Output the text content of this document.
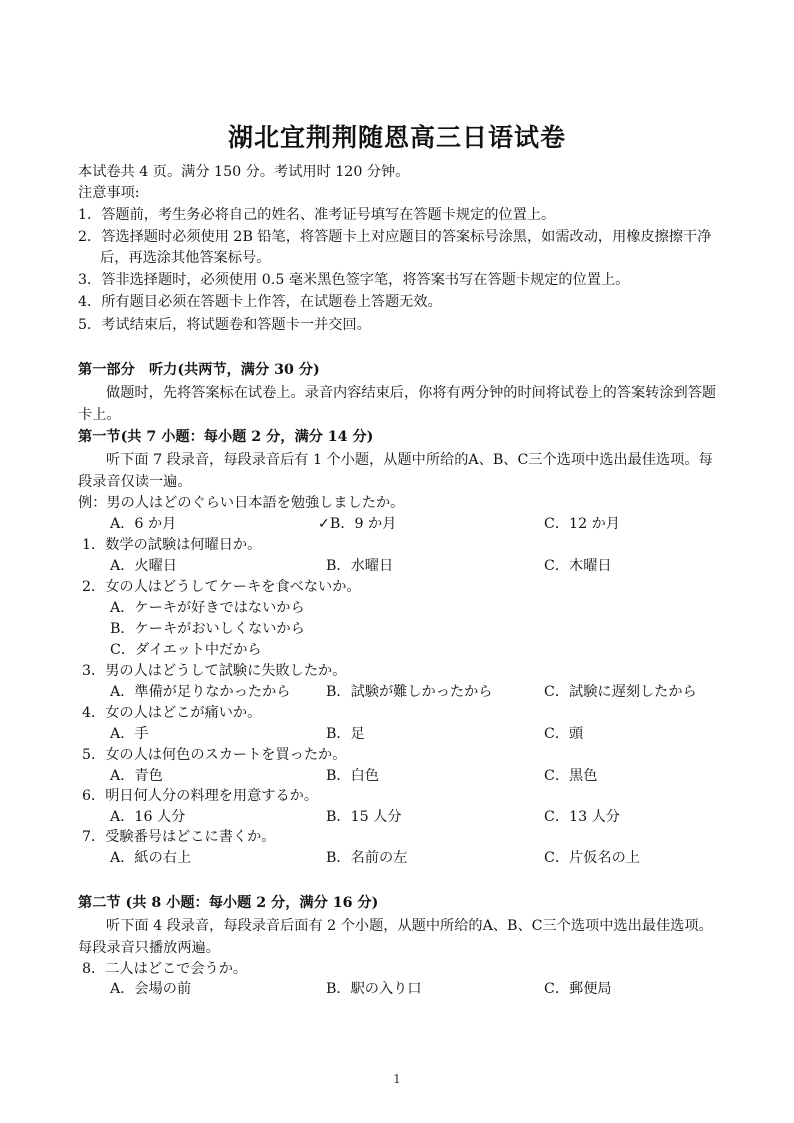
湖北宜荆荆随恩高三日语试卷
本试卷共 4 页。满分 150 分。考试用时 120 分钟。
注意事项:
1．答题前，考生务必将自己的姓名、准考证号填写在答题卡规定的位置上。
2．答选择题时必须使用 2B 铅笔，将答题卡上对应题目的答案标号涂黑，如需改动，用橡皮擦擦干净
后，再选涂其他答案标号。
3．答非选择题时，必须使用 0.5 毫米黑色签字笔，将答案书写在答题卡规定的位置上。
4．所有题目必须在答题卡上作答，在试题卷上答题无效。
5．考试结束后，将试题卷和答题卡一并交回。
第一部分　听力(共两节，满分 30 分)
做题时，先将答案标在试卷上。录音内容结束后，你将有两分钟的时间将试卷上的答案转涂到答题
卡上。
第一节(共 7 小题：每小题 2 分，满分 14 分)
听下面 7 段录音，每段录音后有 1 个小题，从题中所给的A、B、C三个选项中选出最佳选项。每
段录音仅读一遍。
例：男の人はどのぐらい日本語を勉強しましたか。
A．6 か月	✓B．9 か月	C．12 か月
1．数学の試験は何曜日か。
A．火曜日	B．水曜日	C．木曜日
2．女の人はどうしてケーキを食べないか。
A．ケーキが好きではないから
B．ケーキがおいしくないから
C．ダイエット中だから
3．男の人はどうして試験に失敗したか。
A．準備が足りなかったから	B．試験が難しかったから	C．試験に遅刻したから
4．女の人はどこが痛いか。
A．手	B．足	C．頭
5．女の人は何色のスカートを買ったか。
A．青色	B．白色	C．黒色
6．明日何人分の料理を用意するか。
A．16 人分	B．15 人分	C．13 人分
7．受験番号はどこに書くか。
A．紙の右上	B．名前の左	C．片仮名の上
第二节 (共 8 小题：每小题 2 分，满分 16 分)
听下面 4 段录音，每段录音后面有 2 个小题，从题中所给的A、B、C三个选项中选出最佳选项。
每段录音只播放两遍。
8．二人はどこで会うか。
A．会場の前	B．駅の入り口	C．郵便局
1
